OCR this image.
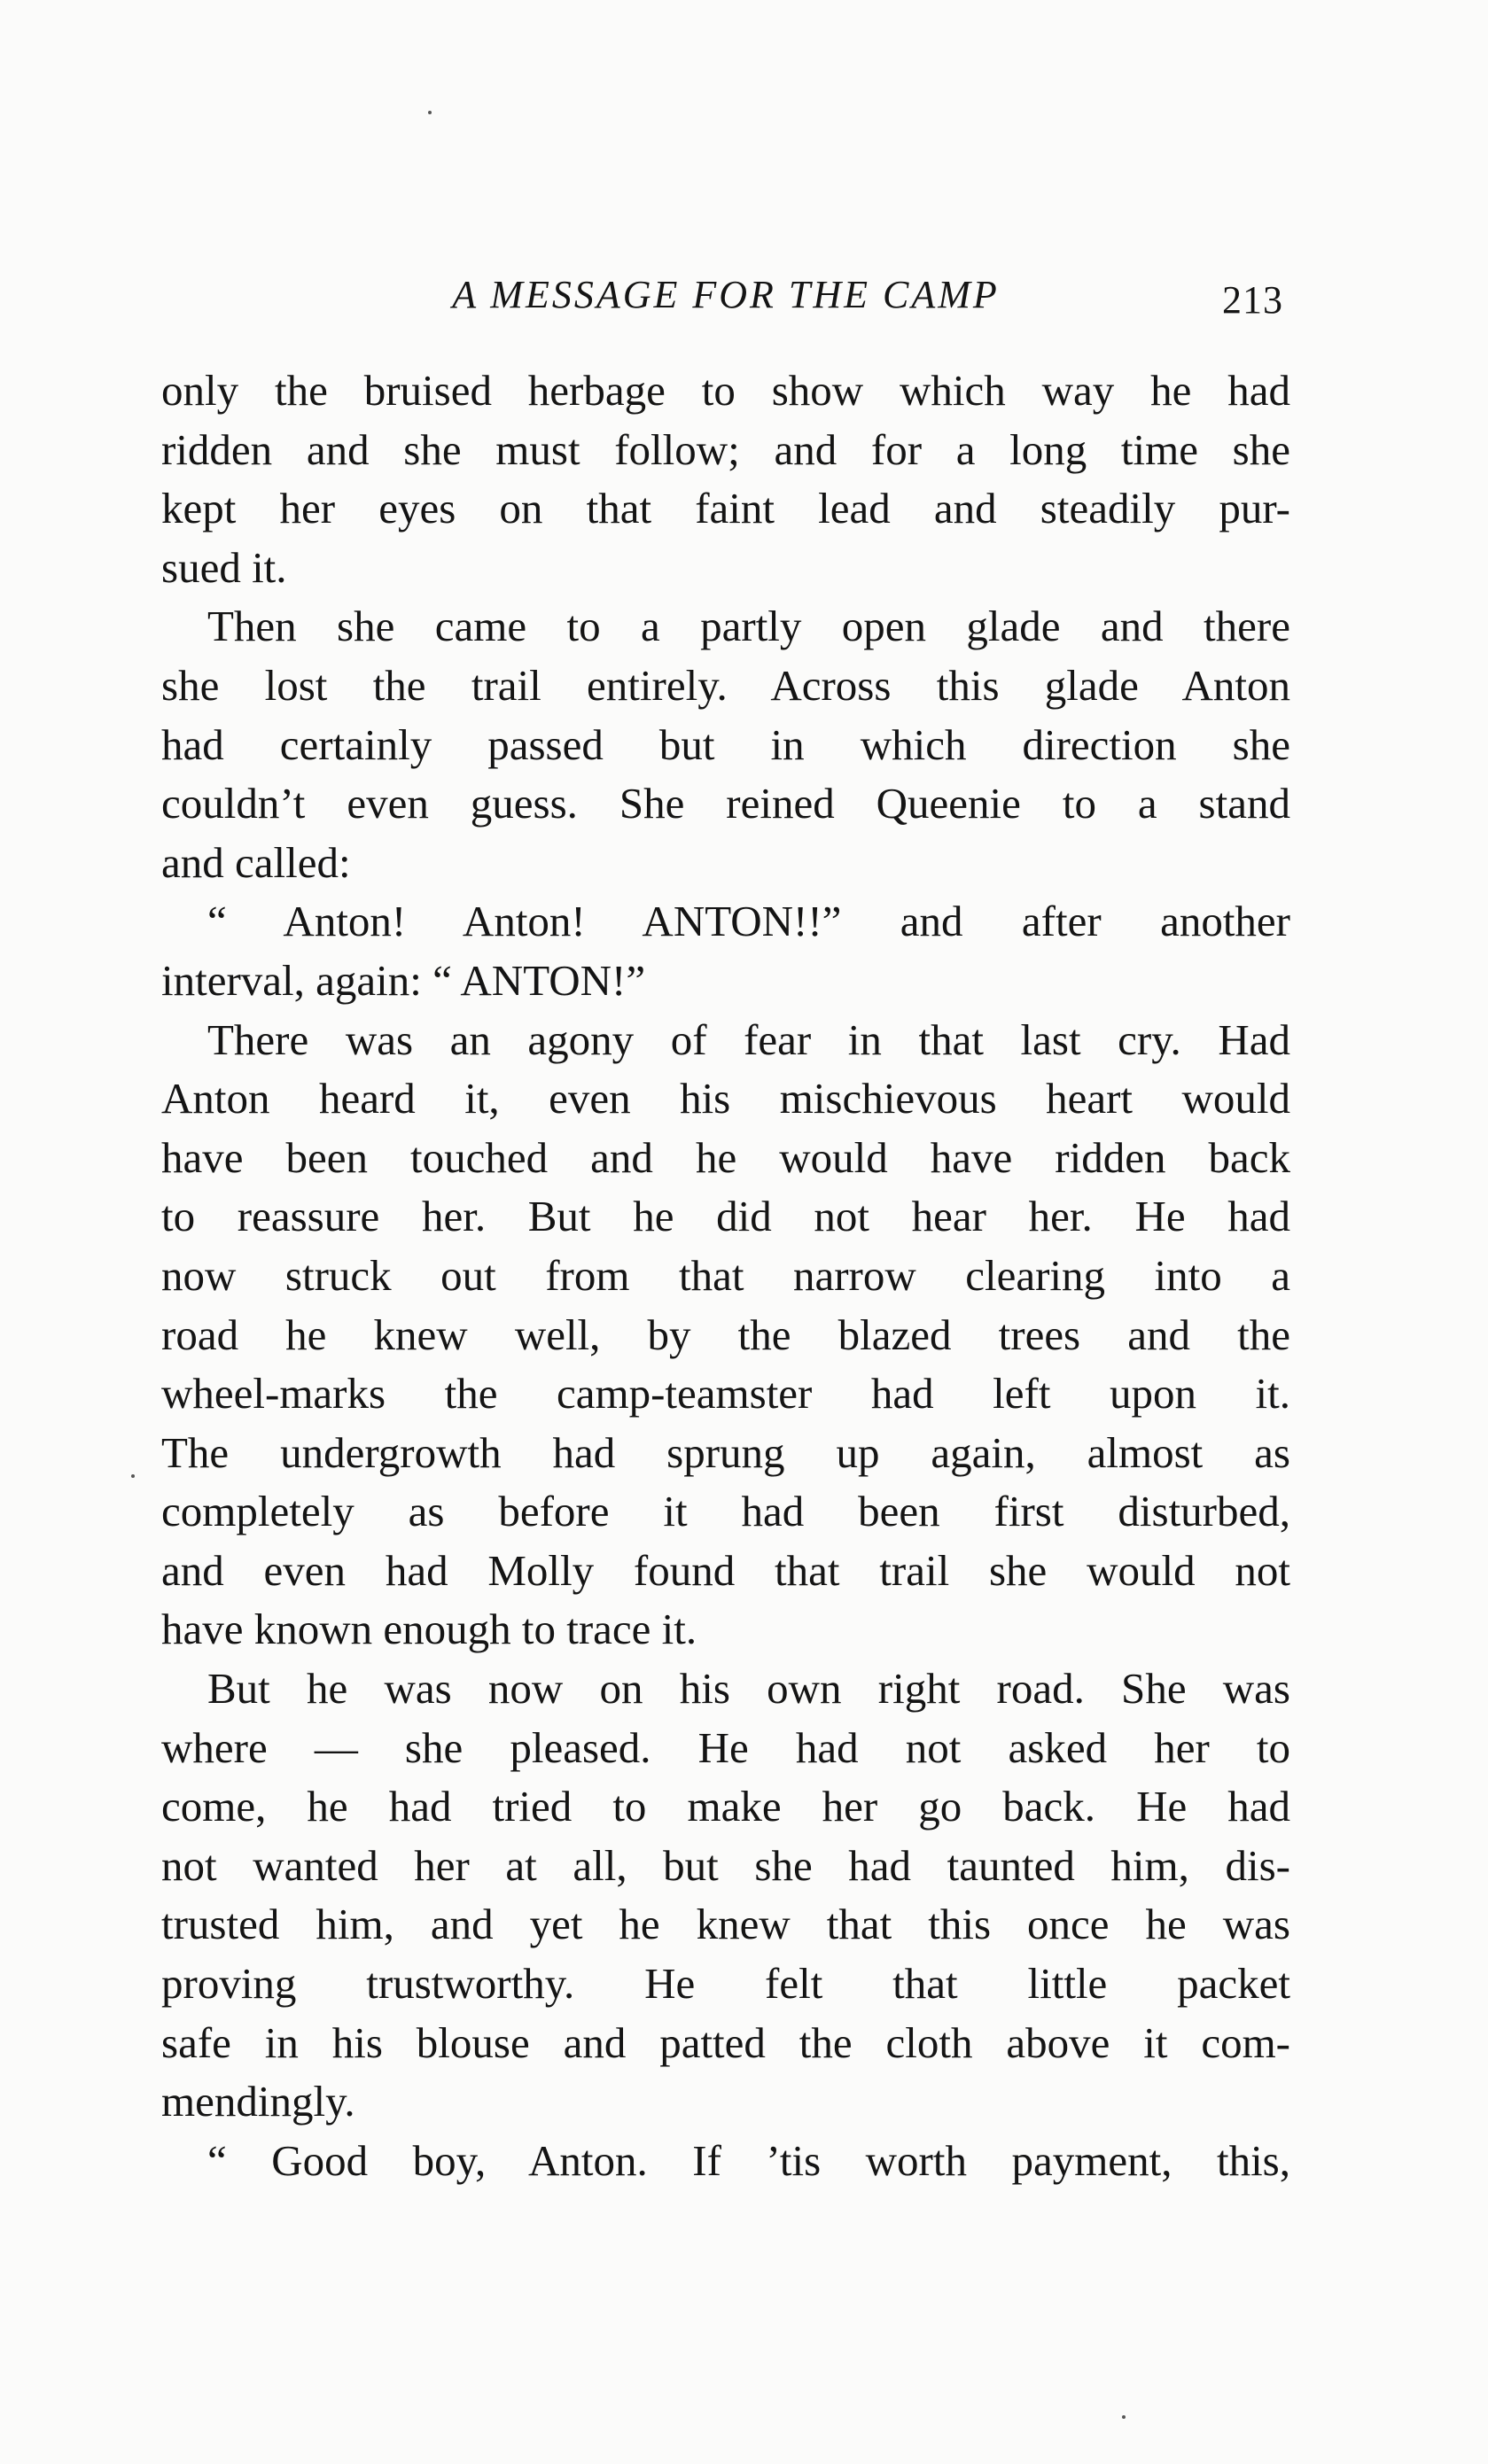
A MESSAGE FOR THE CAMP	213
only the bruised herbage to show which way he had
ridden and she must follow; and for a long time she
kept her eyes on that faint lead and steadily pur-
sued it.
Then she came to a partly open glade and there
she lost the trail entirely. Across this glade Anton
had certainly passed but in which direction she
couldn’t even guess. She reined Queenie to a stand
and called:
“ Anton! Anton! ANTON!!” and after another
interval, again: “ ANTON!”
There was an agony of fear in that last cry. Had
Anton heard it, even his mischievous heart would
have been touched and he would have ridden back
to reassure her. But he did not hear her. He had
now struck out from that narrow clearing into a
road he knew well, by the blazed trees and the
wheel-marks the camp-teamster had left upon it.
The undergrowth had sprung up again, almost as
completely as before it had been first disturbed,
and even had Molly found that trail she would not
have known enough to trace it.
But he was now on his own right road. She was
where — she pleased. He had not asked her to
come, he had tried to make her go back. He had
not wanted her at all, but she had taunted him, dis-
trusted him, and yet he knew that this once he was
proving trustworthy. He felt that little packet
safe in his blouse and patted the cloth above it com-
mendingly.
“ Good boy, Anton. If ’tis worth payment, this,
